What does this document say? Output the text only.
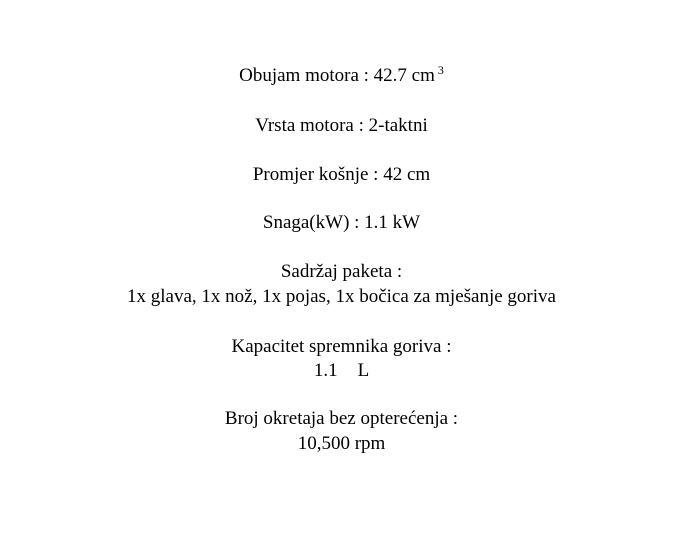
Obujam motora : 42.7 cm $^3$
Vrsta motora : 2-taktni
Promjer košnje : 42 cm
Snaga(kW) : 1.1 kW
Sadržaj paketa :
1x glava, 1x nož, 1x pojas, 1x bočica za mješanje goriva
Kapacitet spremnika goriva :
1.1 L
Broj okretaja bez opterećenja :
10,500 rpm
